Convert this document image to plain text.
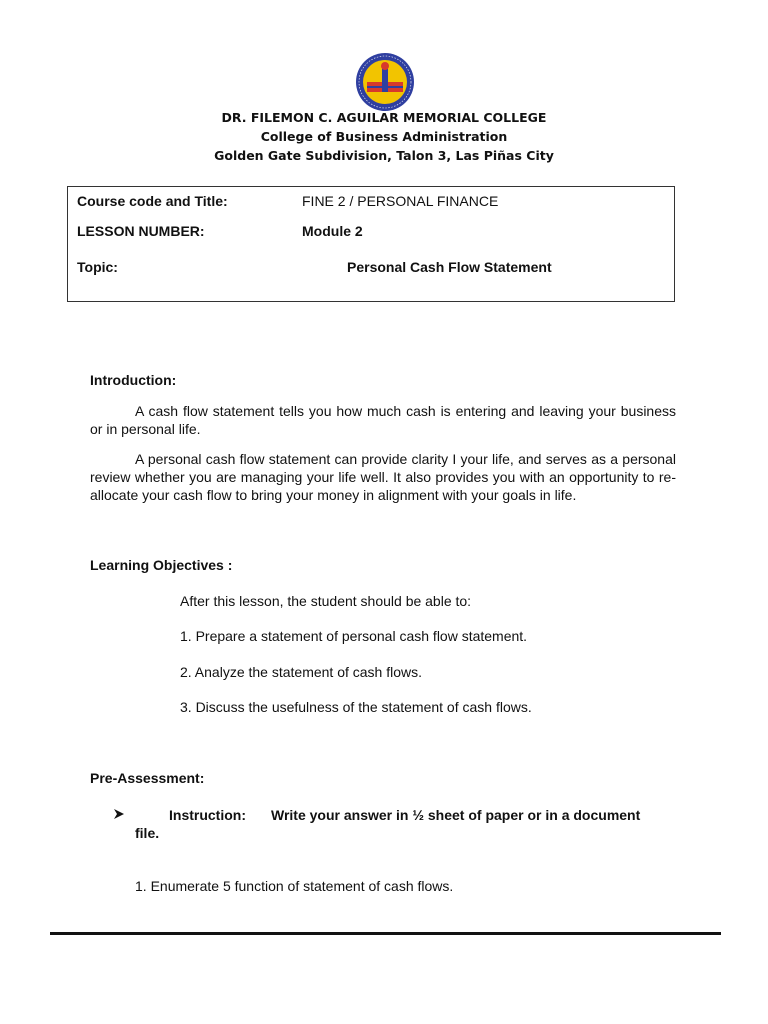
DR. FILEMON C. AGUILAR MEMORIAL COLLEGE
College of Business Administration
Golden Gate Subdivision, Talon 3, Las Piñas City
Course code and Title:	FINE 2 / PERSONAL FINANCE
LESSON NUMBER:	Module 2
Topic:	Personal Cash Flow Statement
Introduction:
A cash flow statement tells you how much cash is entering and leaving your business or in personal life.
A personal cash flow statement can provide clarity I your life, and serves as a personal review whether you are managing your life well. It also provides you with an opportunity to re-allocate your cash flow to bring your money in alignment with your goals in life.
Learning Objectives :
After this lesson, the student should be able to:
1. Prepare a statement of personal cash flow statement.
2. Analyze the statement of cash flows.
3. Discuss the usefulness of the statement of cash flows.
Pre-Assessment:
Instruction: Write your answer in ½ sheet of paper or in a document
file.
1. Enumerate 5 function of statement of cash flows.
